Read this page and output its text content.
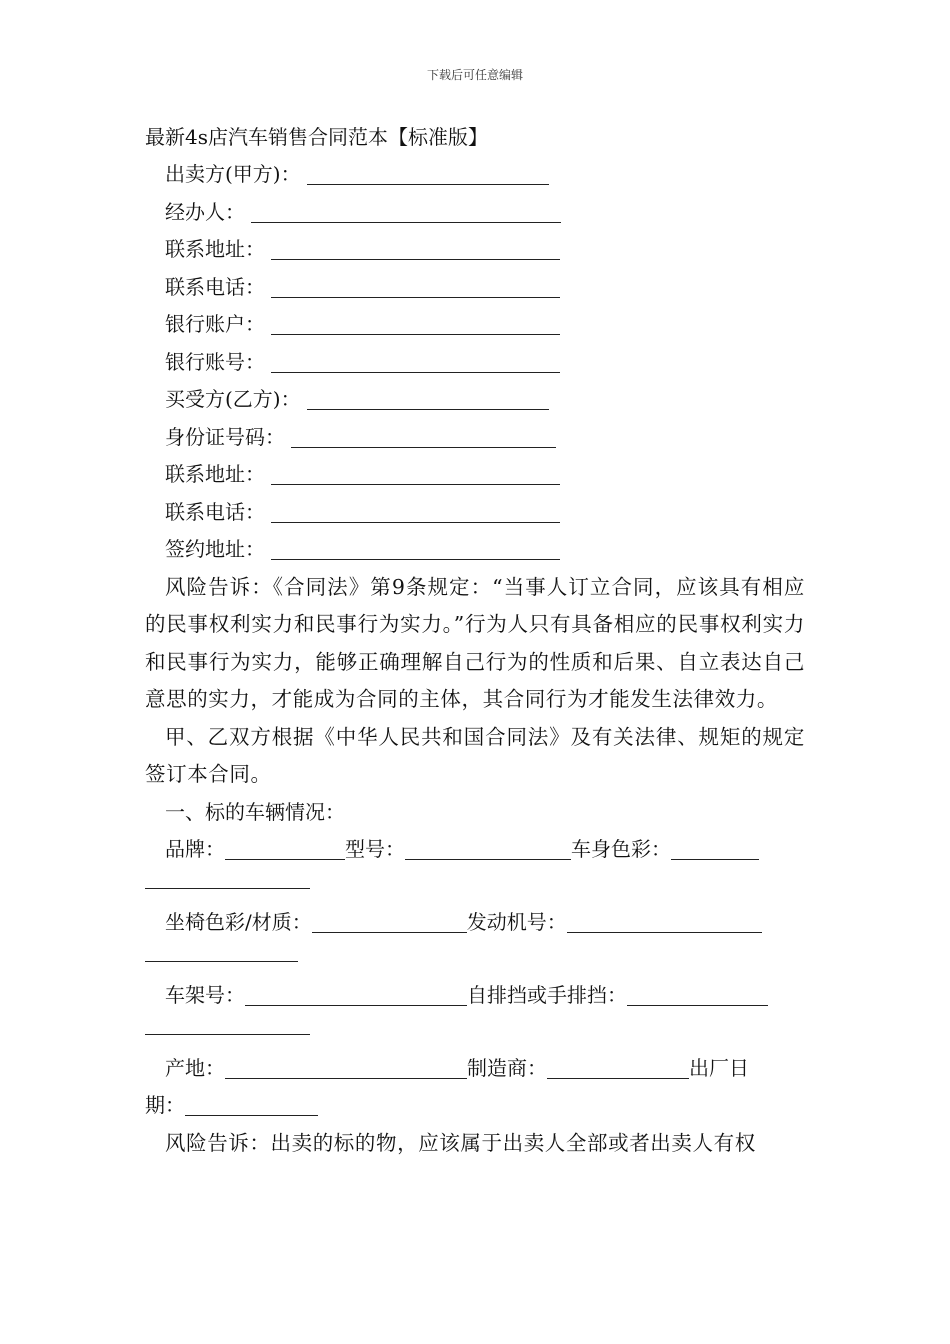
下载后可任意编辑

最新4s店汽车销售合同范本【标准版】

出卖方(甲方)：
经办人：
联系地址：
联系电话：
银行账户：
银行账号：
买受方(乙方)：
身份证号码：
联系地址：
联系电话：
签约地址：

风险告诉：《合同法》第9条规定：“当事人订立合同，应该具有相应的民事权利实力和民事行为实力。”行为人只有具备相应的民事权利实力和民事行为实力，能够正确理解自己行为的性质和后果、自立表达自己意思的实力，才能成为合同的主体，其合同行为才能发生法律效力。

甲、乙双方根据《中华人民共和国合同法》及有关法律、规矩的规定签订本合同。

一、标的车辆情况：
品牌：	型号：	车身色彩：
坐椅色彩/材质：	发动机号：
车架号：	自排挡或手排挡：
产地：	制造商：	出厂日
期：

风险告诉：出卖的标的物，应该属于出卖人全部或者出卖人有权
